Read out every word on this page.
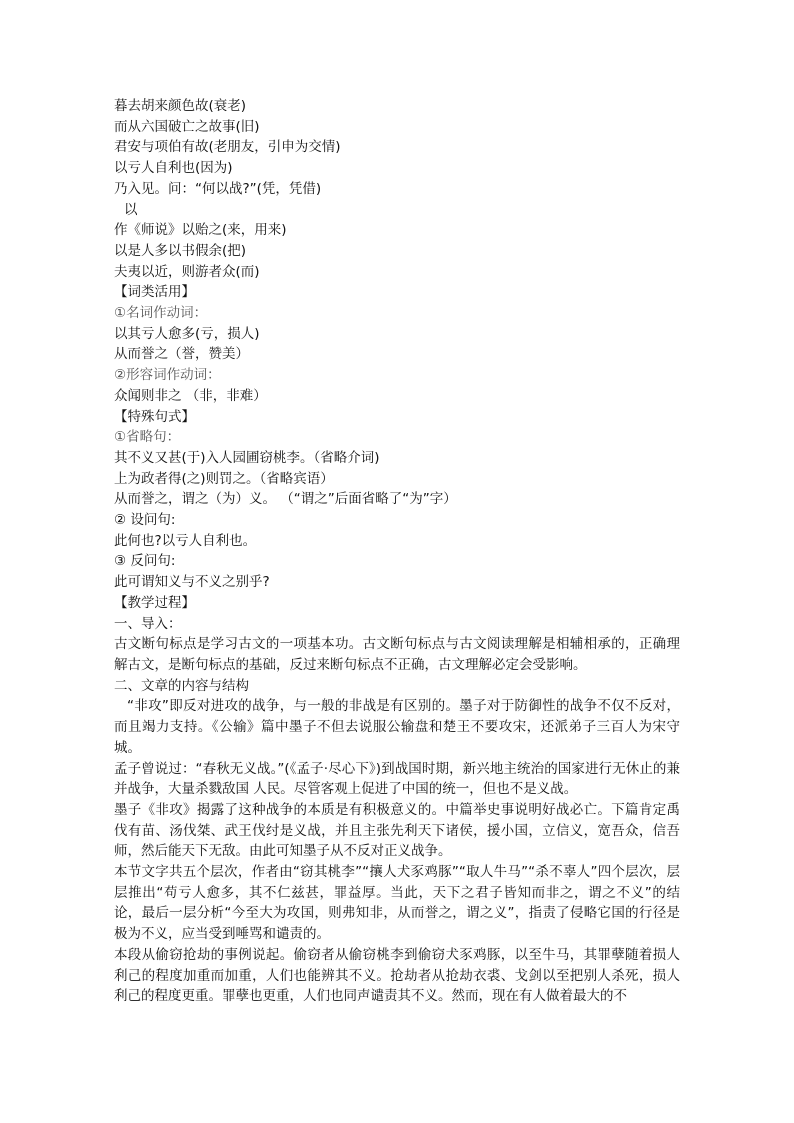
暮去胡来颜色故(衰老)

而从六国破亡之故事(旧)

君安与项伯有故(老朋友，引申为交情)

以亏人自利也(因为)

乃入见。问：“何以战?”(凭，凭借)

以

作《师说》以贻之(来，用来)

以是人多以书假余(把)

夫夷以近，则游者众(而)

【词类活用】

①名词作动词：

以其亏人愈多(亏，损人)

从而誉之（誉，赞美）

②形容词作动词：

众闻则非之 （非，非难）

【特殊句式】

①省略句：

其不义又甚(于)入人园圃窃桃李。（省略介词)

上为政者得(之)则罚之。（省略宾语）

从而誉之，谓之（为）义。 （“谓之”后面省略了“为”字）

② 设问句:

此何也?以亏人自利也。

③ 反问句:

此可谓知义与不义之别乎?

【教学过程】

一、导入：

古文断句标点是学习古文的一项基本功。古文断句标点与古文阅读理解是相辅相承的，正确理解古文，是断句标点的基础，反过来断句标点不正确，古文理解必定会受影响。

二、文章的内容与结构

“非攻”即反对进攻的战争，与一般的非战是有区别的。墨子对于防御性的战争不仅不反对，而且竭力支持。《公输》篇中墨子不但去说服公输盘和楚王不要攻宋，还派弟子三百人为宋守城。

孟子曾说过：“春秋无义战。”(《孟子·尽心下》)到战国时期，新兴地主统治的国家进行无休止的兼并战争，大量杀戮敌国 人民。尽管客观上促进了中国的统一，但也不是义战。

墨子《非攻》揭露了这种战争的本质是有积极意义的。中篇举史事说明好战必亡。下篇肯定禹伐有苗、汤伐桀、武王伐纣是义战，并且主张先利天下诸侯，援小国，立信义，宽吾众，信吾师，然后能天下无敌。由此可知墨子从不反对正义战争。

本节文字共五个层次，作者由“窃其桃李”“攘人犬豕鸡豚”“取人牛马”“杀不辜人”四个层次，层层推出“苟亏人愈多，其不仁兹甚，罪益厚。当此，天下之君子皆知而非之，谓之不义”的结论，最后一层分析“今至大为攻国，则弗知非，从而誉之，谓之义”，指责了侵略它国的行径是极为不义，应当受到唾骂和谴责的。

本段从偷窃抢劫的事例说起。偷窃者从偷窃桃李到偷窃犬豕鸡豚，以至牛马，其罪孽随着损人利己的程度加重而加重，人们也能辨其不义。抢劫者从抢劫衣裘、戈剑以至把别人杀死，损人利己的程度更重。罪孽也更重，人们也同声谴责其不义。然而，现在有人做着最大的不
